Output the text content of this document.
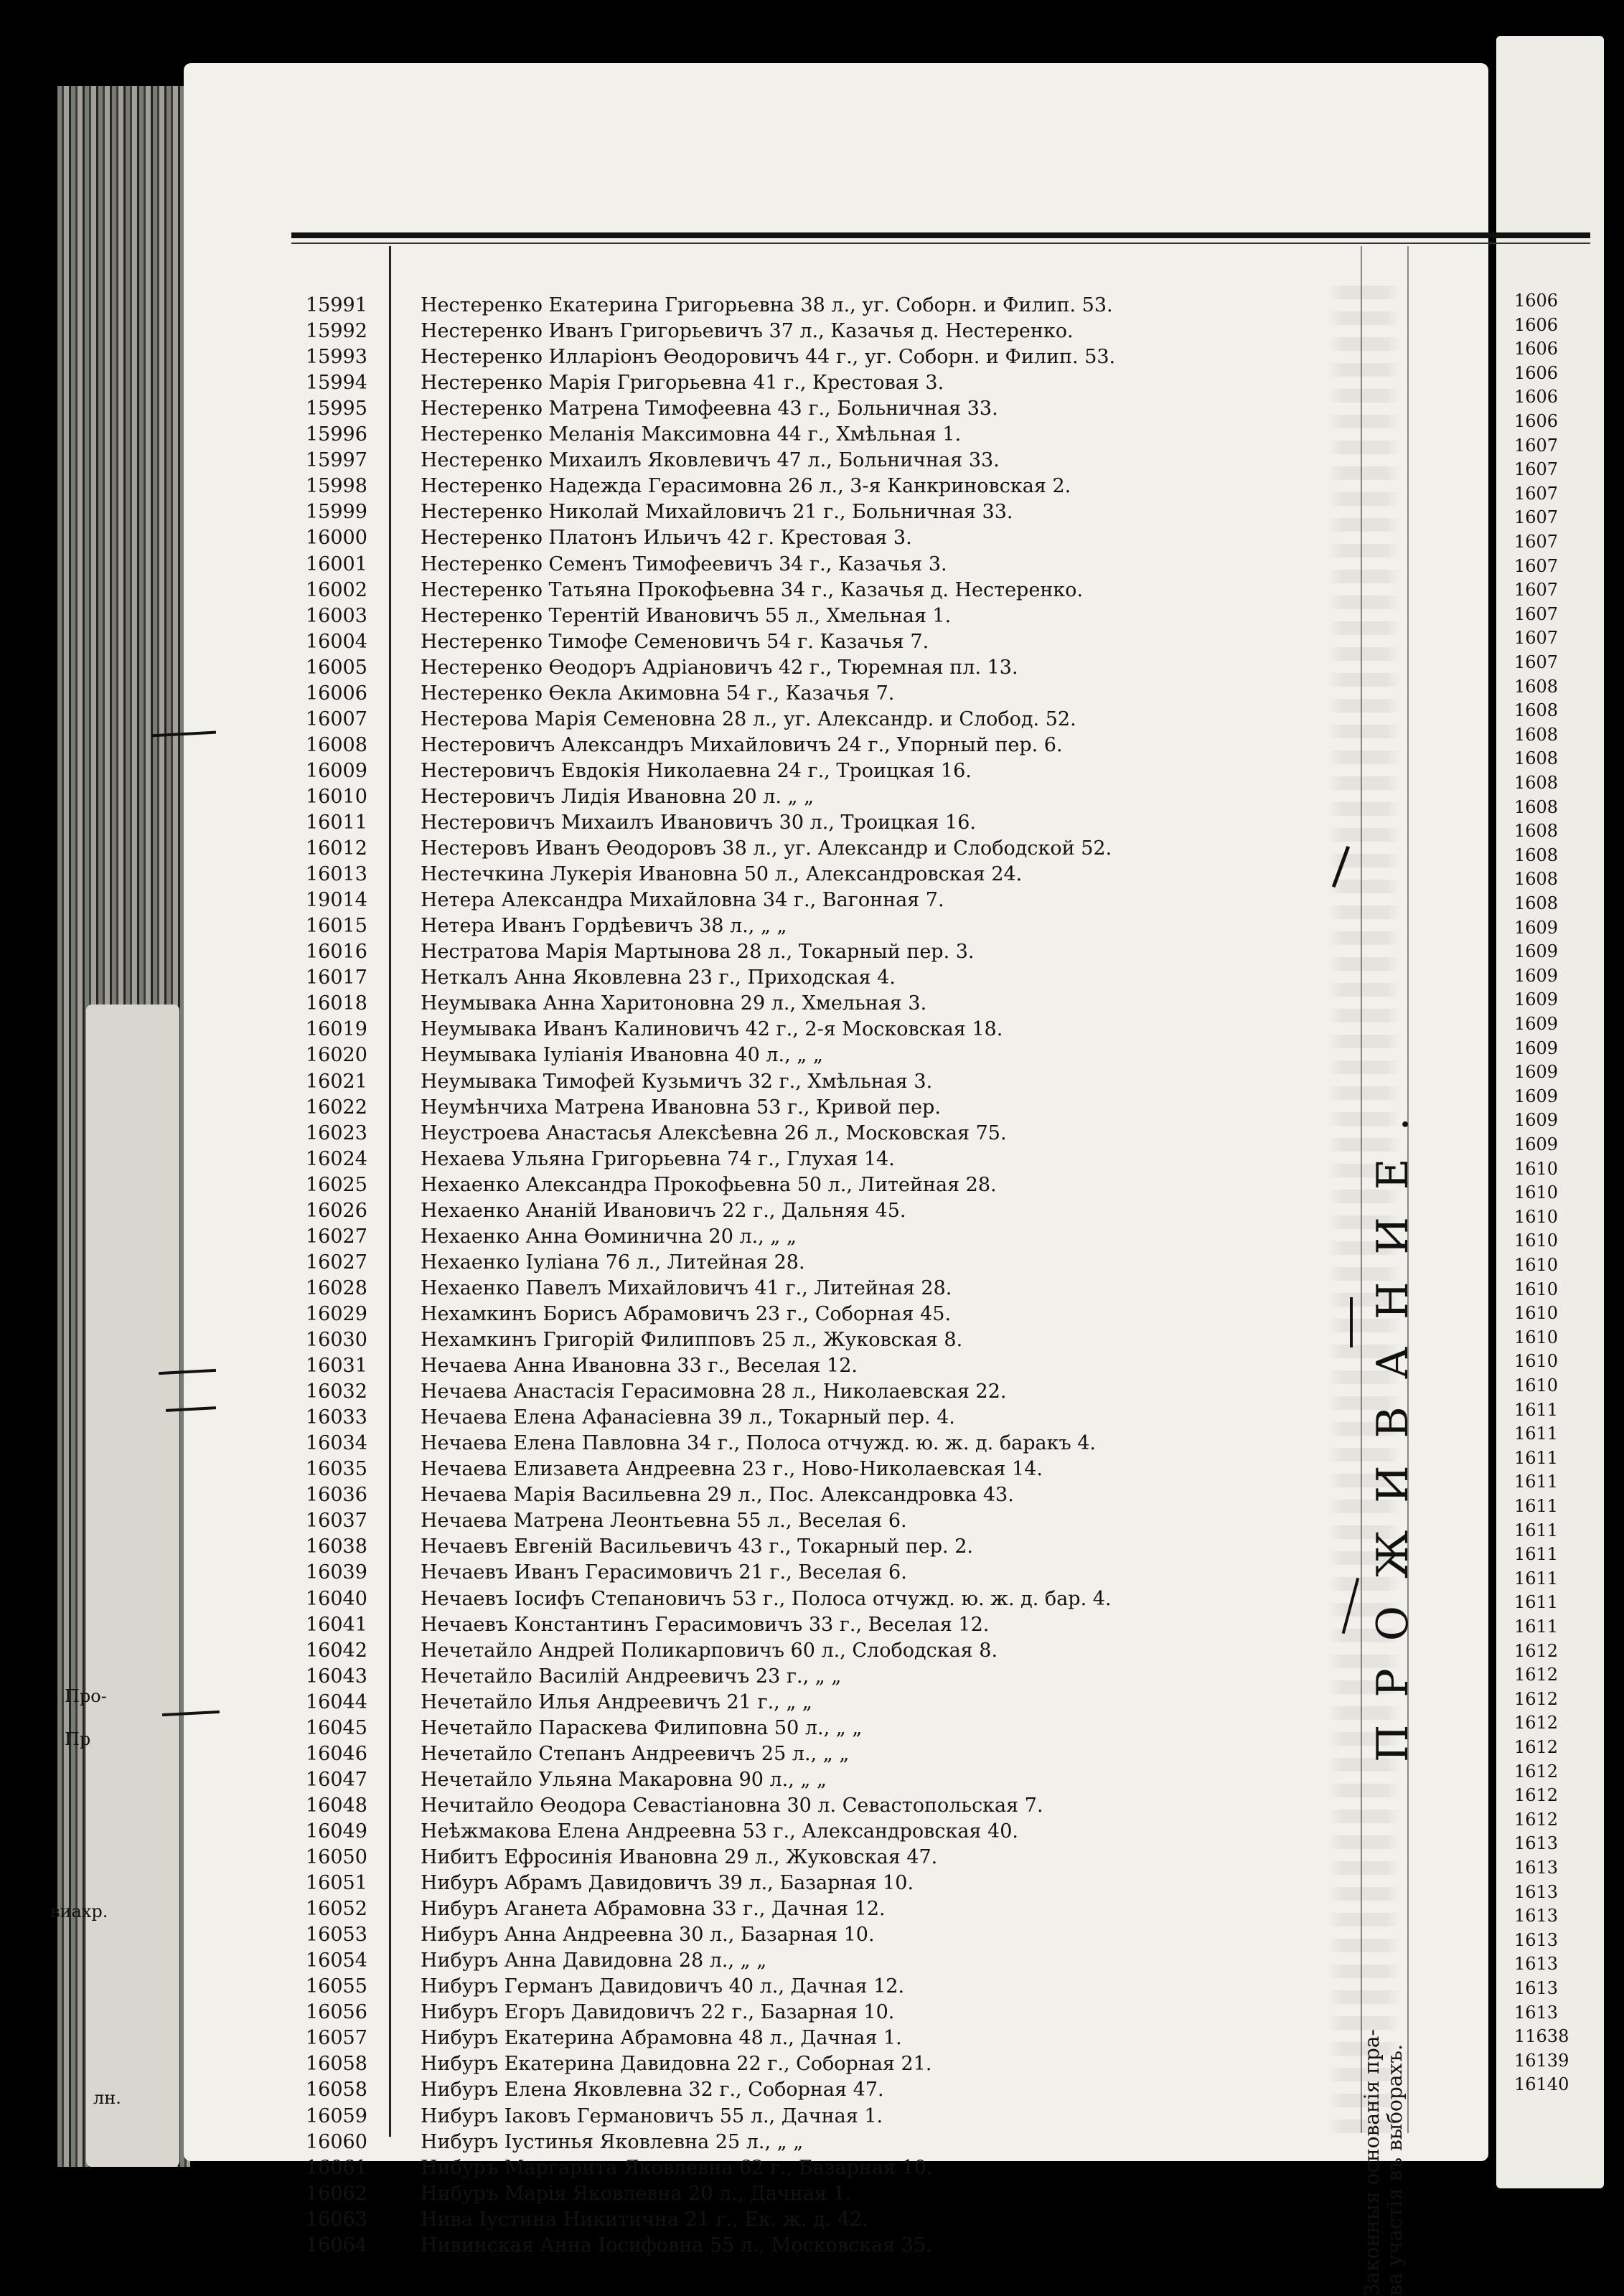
Прo-
Пр
виахр.
лн.
15991	Нестеренко Екатерина Григорьевна 38 л., уг. Соборн. и Филип. 53.
15992	Нестеренко Иванъ Григорьевичъ 37 л., Казачья д. Нестеренко.
15993	Нестеренко Илларіонъ Ѳеодоровичъ 44 г., уг. Соборн. и Филип. 53.
15994	Нестеренко Марія Григорьевна 41 г., Крестовая 3.
15995	Нестеренко Матрена Тимофеевна 43 г., Больничная 33.
15996	Нестеренко Меланія Максимовна 44 г., Хмѣльная 1.
15997	Нестеренко Михаилъ Яковлевичъ 47 л., Больничная 33.
15998	Нестеренко Надежда Герасимовна 26 л., 3-я Канкриновская 2.
15999	Нестеренко Николай Михайловичъ 21 г., Больничная 33.
16000	Нестеренко Платонъ Ильичъ 42 г. Крестовая 3.
16001	Нестеренко Семенъ Тимофеевичъ 34 г., Казачья 3.
16002	Нестеренко Татьяна Прокофьевна 34 г., Казачья д. Нестеренко.
16003	Нестеренко Терентій Ивановичъ 55 л., Хмельная 1.
16004	Нестеренко Тимофе Семеновичъ 54 г. Казачья 7.
16005	Нестеренко Ѳеодоръ Адріановичъ 42 г., Тюремная пл. 13.
16006	Нестеренко Ѳекла Акимовна 54 г., Казачья 7.
16007	Нестерова Марія Семеновна 28 л., уг. Александр. и Слобод. 52.
16008	Нестеровичъ Александръ Михайловичъ 24 г., Упорный пер. 6.
16009	Нестеровичъ Евдокія Николаевна 24 г., Троицкая 16.
16010	Нестеровичъ Лидія Ивановна 20 л. „ „
16011	Нестеровичъ Михаилъ Ивановичъ 30 л., Троицкая 16.
16012	Нестеровъ Иванъ Ѳеодоровъ 38 л., уг. Александр и Слободской 52.
16013	Нестечкина Лукерія Ивановна 50 л., Александровская 24.
19014	Нетера Александра Михайловна 34 г., Вагонная 7.
16015	Нетера Иванъ Гордѣевичъ 38 л., „ „
16016	Нестратова Марія Мартынова 28 л., Токарный пер. 3.
16017	Неткалъ Анна Яковлевна 23 г., Приходская 4.
16018	Неумывака Анна Харитоновна 29 л., Хмельная 3.
16019	Неумывака Иванъ Калиновичъ 42 г., 2-я Московская 18.
16020	Неумывака Іуліанія Ивановна 40 л., „ „
16021	Неумывака Тимофей Кузьмичъ 32 г., Хмѣльная 3.
16022	Неумѣнчиха Матрена Ивановна 53 г., Кривой пер.
16023	Неустроева Анастасья Алексѣевна 26 л., Московская 75.
16024	Нехаева Ульяна Григорьевна 74 г., Глухая 14.
16025	Нехаенко Александра Прокофьевна 50 л., Литейная 28.
16026	Нехаенко Ананій Ивановичъ 22 г., Дальняя 45.
16027	Нехаенко Анна Ѳоминична 20 л., „ „
16027	Нехаенко Іуліана 76 л., Литейная 28.
16028	Нехаенко Павелъ Михайловичъ 41 г., Литейная 28.
16029	Нехамкинъ Борисъ Абрамовичъ 23 г., Соборная 45.
16030	Нехамкинъ Григорій Филипповъ 25 л., Жуковская 8.
16031	Нечаева Анна Ивановна 33 г., Веселая 12.
16032	Нечаева Анастасія Герасимовна 28 л., Николаевская 22.
16033	Нечаева Елена Афанасіевна 39 л., Токарный пер. 4.
16034	Нечаева Елена Павловна 34 г., Полоса отчужд. ю. ж. д. баракъ 4.
16035	Нечаева Елизавета Андреевна 23 г., Ново-Николаевская 14.
16036	Нечаева Марія Васильевна 29 л., Пос. Александровка 43.
16037	Нечаева Матрена Леонтьевна 55 л., Веселая 6.
16038	Нечаевъ Евгеній Васильевичъ 43 г., Токарный пер. 2.
16039	Нечаевъ Иванъ Герасимовичъ 21 г., Веселая 6.
16040	Нечаевъ Іосифъ Степановичъ 53 г., Полоса отчужд. ю. ж. д. бар. 4.
16041	Нечаевъ Константинъ Герасимовичъ 33 г., Веселая 12.
16042	Нечетайло Андрей Поликарповичъ 60 л., Слободская 8.
16043	Нечетайло Василій Андреевичъ 23 г., „ „
16044	Нечетайло Илья Андреевичъ 21 г., „ „
16045	Нечетайло Параскева Филиповна 50 л., „ „
16046	Нечетайло Степанъ Андреевичъ 25 л., „ „
16047	Нечетайло Ульяна Макаровна 90 л., „ „
16048	Нечитайло Ѳеодора Севастіановна 30 л. Севастопольская 7.
16049	Неѣжмакова Елена Андреевна 53 г., Александровская 40.
16050	Нибитъ Ефросинія Ивановна 29 л., Жуковская 47.
16051	Нибуръ Абрамъ Давидовичъ 39 л., Базарная 10.
16052	Нибуръ Аганета Абрамовна 33 г., Дачная 12.
16053	Нибуръ Анна Андреевна 30 л., Базарная 10.
16054	Нибуръ Анна Давидовна 28 л., „ „
16055	Нибуръ Германъ Давидовичъ 40 л., Дачная 12.
16056	Нибуръ Егоръ Давидовичъ 22 г., Базарная 10.
16057	Нибуръ Екатерина Абрамовна 48 л., Дачная 1.
16058	Нибуръ Екатерина Давидовна 22 г., Соборная 21.
16058	Нибуръ Елена Яковлевна 32 г., Соборная 47.
16059	Нибуръ Іаковъ Германовичъ 55 л., Дачная 1.
16060	Нибуръ Іустинья Яковлевна 25 л., „ „
16061	Нибуръ Маргарита Яковлевна 62 г., Базарная 10.
16062	Нибуръ Марія Яковлевна 20 л., Дачная 1.
16063	Нива Іустина Никитична 21 г., Ек. ж. д. 42.
16064	Нивинская Анна Іосифовна 55 л., Московская 35.	Законныя основанія пра- ва участія въ выборахъ.
ПРОЖИВАНИЕ.
1606
1606
1606
1606
1606
1606
1607
1607
1607
1607
1607
1607
1607
1607
1607
1607
1608
1608
1608
1608
1608
1608
1608
1608
1608
1608
1609
1609
1609
1609
1609
1609
1609
1609
1609
1609
1610
1610
1610
1610
1610
1610
1610
1610
1610
1610
1611
1611
1611
1611
1611
1611
1611
1611
1611
1611
1612
1612
1612
1612
1612
1612
1612
1612
1613
1613
1613
1613
1613
1613
1613
1613
11638
16139
16140
